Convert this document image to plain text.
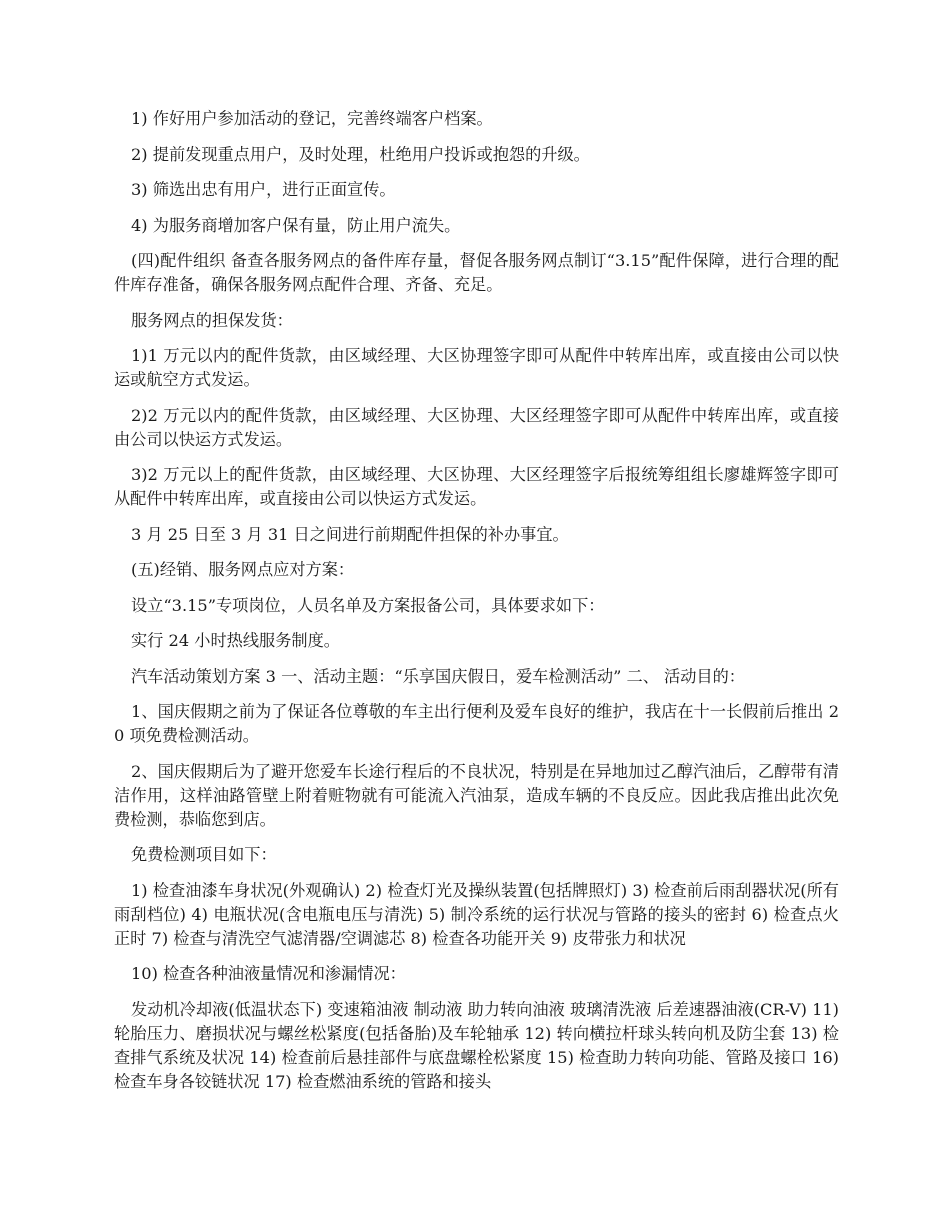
1) 作好用户参加活动的登记，完善终端客户档案。

2) 提前发现重点用户，及时处理，杜绝用户投诉或抱怨的升级。

3) 筛选出忠有用户，进行正面宣传。

4) 为服务商增加客户保有量，防止用户流失。

(四)配件组织 备查各服务网点的备件库存量，督促各服务网点制订“3.15”配件保障，进行合理的配件库存准备，确保各服务网点配件合理、齐备、充足。

服务网点的担保发货：

1)1 万元以内的配件货款，由区域经理、大区协理签字即可从配件中转库出库，或直接由公司以快运或航空方式发运。

2)2 万元以内的配件货款，由区域经理、大区协理、大区经理签字即可从配件中转库出库，或直接由公司以快运方式发运。

3)2 万元以上的配件货款，由区域经理、大区协理、大区经理签字后报统筹组组长廖雄辉签字即可从配件中转库出库，或直接由公司以快运方式发运。

3 月 25 日至 3 月 31 日之间进行前期配件担保的补办事宜。

(五)经销、服务网点应对方案：

设立“3.15”专项岗位，人员名单及方案报备公司，具体要求如下：

实行 24 小时热线服务制度。

汽车活动策划方案 3 一、活动主题：“乐享国庆假日，爱车检测活动” 二、 活动目的：

1、国庆假期之前为了保证各位尊敬的车主出行便利及爱车良好的维护，我店在十一长假前后推出 20 项免费检测活动。

2、国庆假期后为了避开您爱车长途行程后的不良状况，特别是在异地加过乙醇汽油后，乙醇带有清洁作用，这样油路管壁上附着赃物就有可能流入汽油泵，造成车辆的不良反应。因此我店推出此次免费检测，恭临您到店。

免费检测项目如下：

1) 检查油漆车身状况(外观确认) 2) 检查灯光及操纵装置(包括牌照灯) 3) 检查前后雨刮器状况(所有雨刮档位) 4) 电瓶状况(含电瓶电压与清洗) 5) 制冷系统的运行状况与管路的接头的密封 6) 检查点火正时 7) 检查与清洗空气滤清器/空调滤芯 8) 检查各功能开关 9) 皮带张力和状况

10) 检查各种油液量情况和渗漏情况：

发动机冷却液(低温状态下) 变速箱油液 制动液 助力转向油液 玻璃清洗液 后差速器油液(CR-V) 11) 轮胎压力、磨损状况与螺丝松紧度(包括备胎)及车轮轴承 12) 转向横拉杆球头转向机及防尘套 13) 检查排气系统及状况 14) 检查前后悬挂部件与底盘螺栓松紧度 15) 检查助力转向功能、管路及接口 16) 检查车身各铰链状况 17) 检查燃油系统的管路和接头
